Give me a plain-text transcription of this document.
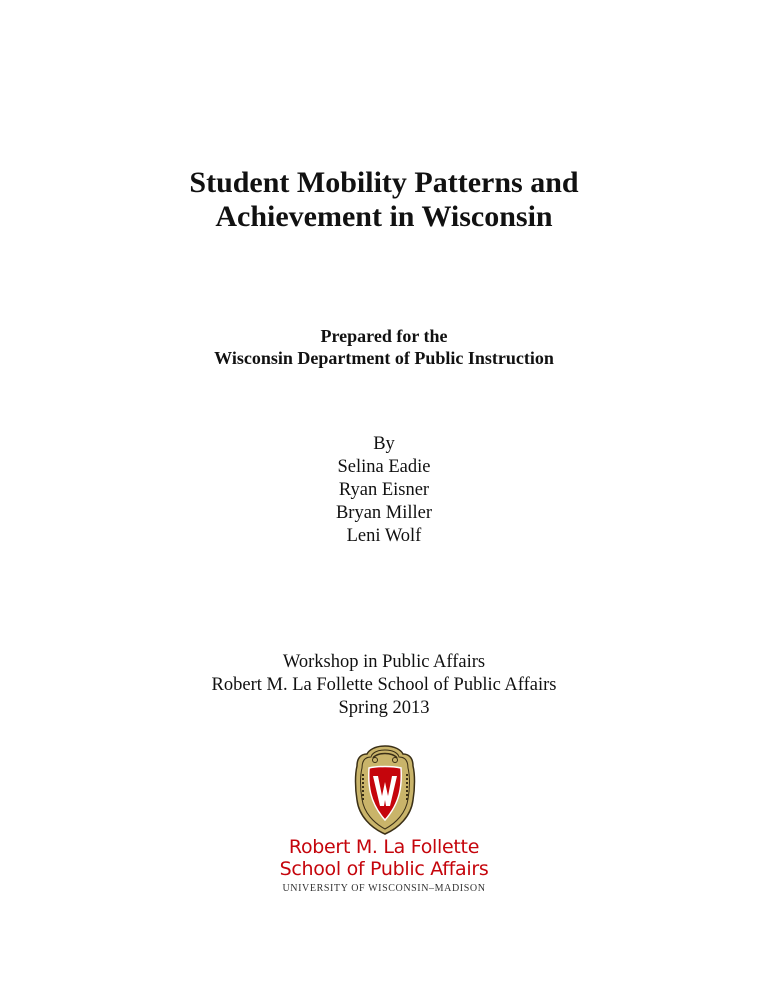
Student Mobility Patterns and
Achievement in Wisconsin
Prepared for the
Wisconsin Department of Public Instruction
By
Selina Eadie
Ryan Eisner
Bryan Miller
Leni Wolf
Workshop in Public Affairs
Robert M. La Follette School of Public Affairs
Spring 2013
Robert M. La Follette
School of Public Affairs
UNIVERSITY OF WISCONSIN–MADISON
